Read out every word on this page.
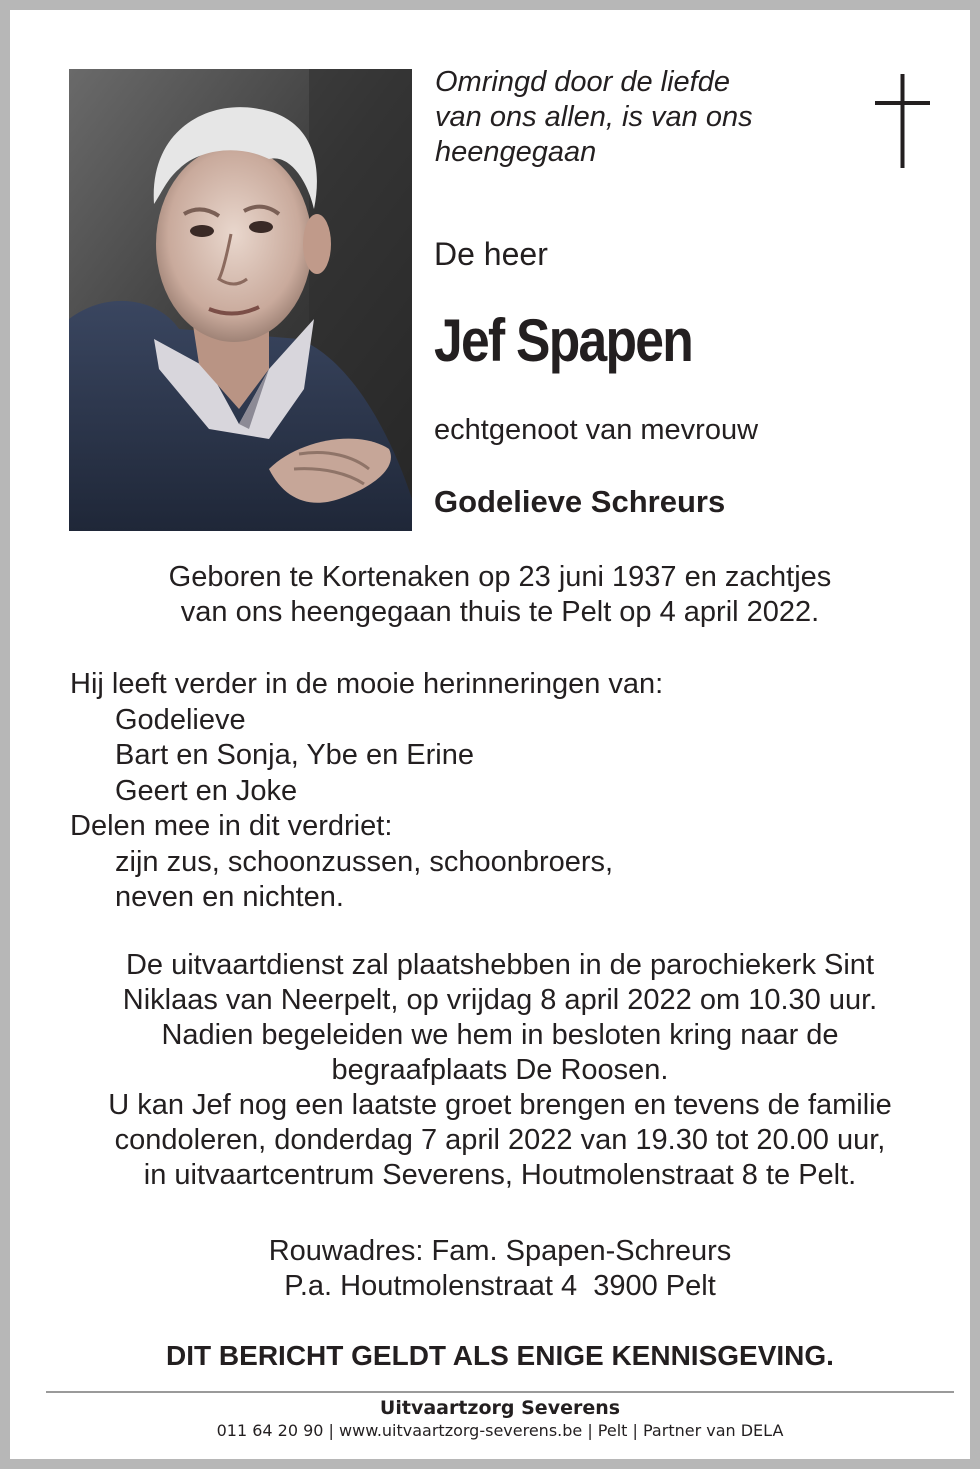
Omringd door de liefde
van ons allen, is van ons
heengegaan
De heer
Jef Spapen
echtgenoot van mevrouw
Godelieve Schreurs
Geboren te Kortenaken op 23 juni 1937 en zachtjes
van ons heengegaan thuis te Pelt op 4 april 2022.
Hij leeft verder in de mooie herinneringen van:
Godelieve
Bart en Sonja, Ybe en Erine
Geert en Joke
Delen mee in dit verdriet:
zijn zus, schoonzussen, schoonbroers,
neven en nichten.
De uitvaartdienst zal plaatshebben in de parochiekerk Sint
Niklaas van Neerpelt, op vrijdag 8 april 2022 om 10.30 uur.
Nadien begeleiden we hem in besloten kring naar de
begraafplaats De Roosen.
U kan Jef nog een laatste groet brengen en tevens de familie
condoleren, donderdag 7 april 2022 van 19.30 tot 20.00 uur,
in uitvaartcentrum Severens, Houtmolenstraat 8 te Pelt.
Rouwadres: Fam. Spapen-Schreurs
P.a. Houtmolenstraat 4  3900 Pelt
DIT BERICHT GELDT ALS ENIGE KENNISGEVING.
Uitvaartzorg Severens
011 64 20 90 | www.uitvaartzorg-severens.be | Pelt | Partner van DELA
